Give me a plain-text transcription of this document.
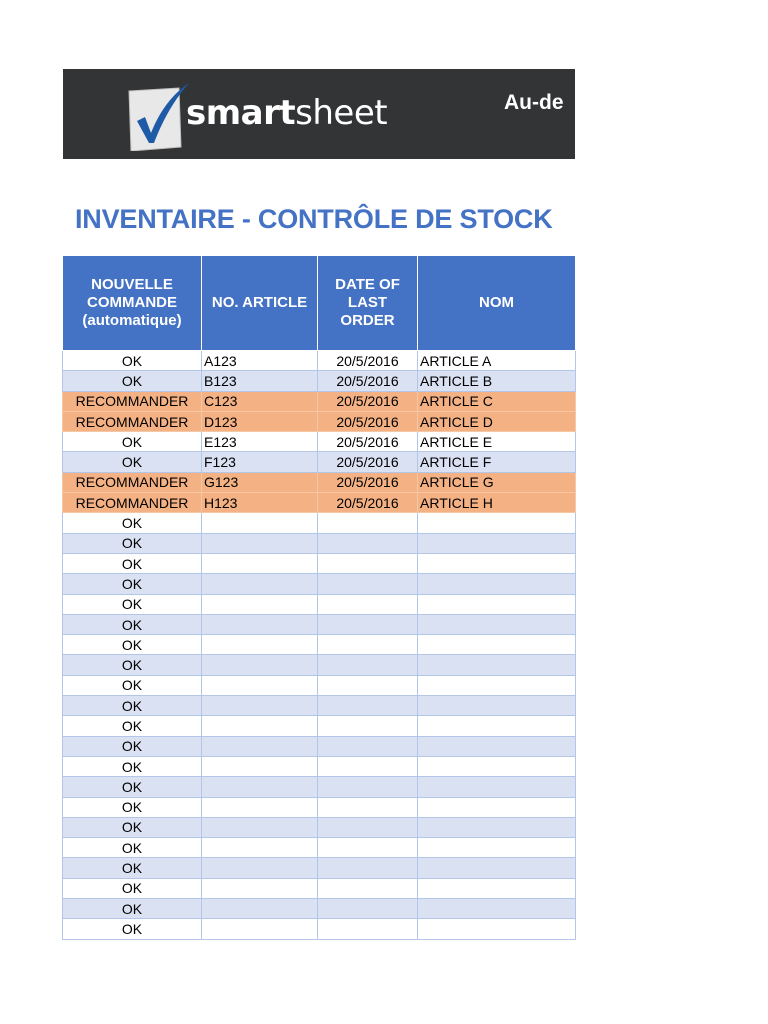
smartsheet	Au-de
INVENTAIRE - CONTRÔLE DE STOCK
NOUVELLE COMMANDE (automatique)	NO. ARTICLE	DATE OF LAST ORDER	NOM
OK	A123	20/5/2016	ARTICLE A
OK	B123	20/5/2016	ARTICLE B
RECOMMANDER	C123	20/5/2016	ARTICLE C
RECOMMANDER	D123	20/5/2016	ARTICLE D
OK	E123	20/5/2016	ARTICLE E
OK	F123	20/5/2016	ARTICLE F
RECOMMANDER	G123	20/5/2016	ARTICLE G
RECOMMANDER	H123	20/5/2016	ARTICLE H
OK			
OK			
OK			
OK			
OK			
OK			
OK			
OK			
OK			
OK			
OK			
OK			
OK			
OK			
OK			
OK			
OK			
OK			
OK			
OK			
OK			
